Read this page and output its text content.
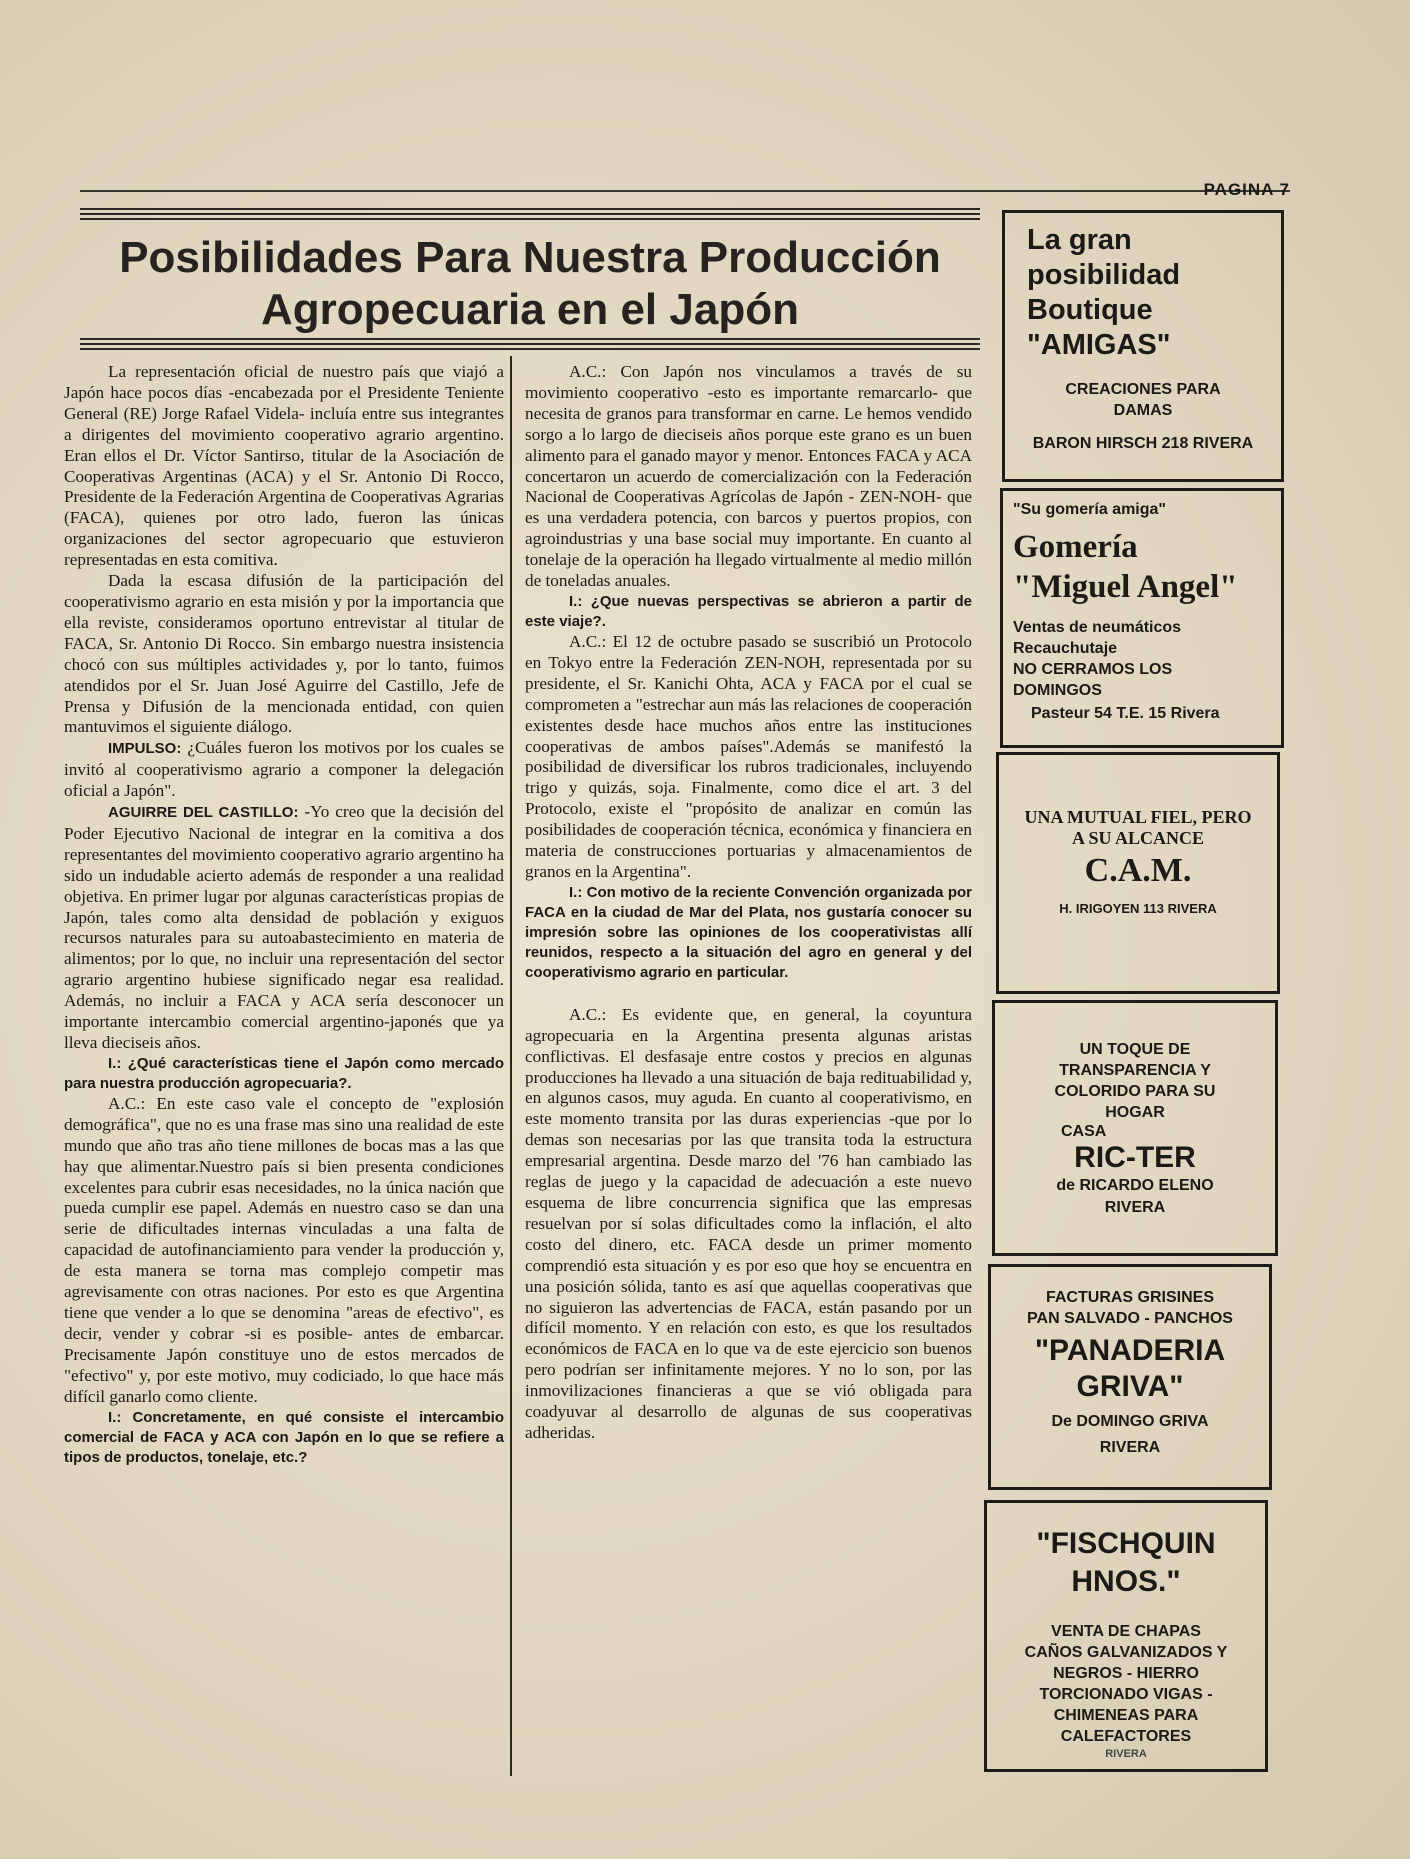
PAGINA 7
Posibilidades Para Nuestra Producción
Agropecuaria en el Japón

La representación oficial de nuestro país que viajó a Japón hace pocos días -encabezada por el Presidente Teniente General (RE) Jorge Rafael Videla- incluía entre sus integrantes a dirigentes del movimiento cooperativo agrario argentino. Eran ellos el Dr. Víctor Santirso, titular de la Asociación de Cooperativas Argentinas (ACA) y el Sr. Antonio Di Rocco, Presidente de la Federación Argentina de Cooperativas Agrarias (FACA), quienes por otro lado, fueron las únicas organizaciones del sector agropecuario que estuvieron representadas en esta comitiva.

Dada la escasa difusión de la participación del cooperativismo agrario en esta misión y por la importancia que ella reviste, consideramos oportuno entrevistar al titular de FACA, Sr. Antonio Di Rocco. Sin embargo nuestra insistencia chocó con sus múltiples actividades y, por lo tanto, fuimos atendidos por el Sr. Juan José Aguirre del Castillo, Jefe de Prensa y Difusión de la mencionada entidad, con quien mantuvimos el siguiente diálogo.

IMPULSO: ¿Cuáles fueron los motivos por los cuales se invitó al cooperativismo agrario a componer la delegación oficial a Japón".

AGUIRRE DEL CASTILLO: -Yo creo que la decisión del Poder Ejecutivo Nacional de integrar en la comitiva a dos representantes del movimiento cooperativo agrario argentino ha sido un indudable acierto además de responder a una realidad objetiva. En primer lugar por algunas características propias de Japón, tales como alta densidad de población y exiguos recursos naturales para su autoabastecimiento en materia de alimentos; por lo que, no incluir una representación del sector agrario argentino hubiese significado negar esa realidad. Además, no incluir a FACA y ACA sería desconocer un importante intercambio comercial argentino-japonés que ya lleva dieciseis años.

I.: ¿Qué características tiene el Japón como mercado para nuestra producción agropecuaria?.

A.C.: En este caso vale el concepto de "explosión demográfica", que no es una frase mas sino una realidad de este mundo que año tras año tiene millones de bocas mas a las que hay que alimentar.Nuestro país si bien presenta condiciones excelentes para cubrir esas necesidades, no la única nación que pueda cumplir ese papel. Además en nuestro caso se dan una serie de dificultades internas vinculadas a una falta de capacidad de autofinanciamiento para vender la producción y, de esta manera se torna mas complejo competir mas agrevisamente con otras naciones. Por esto es que Argentina tiene que vender a lo que se denomina "areas de efectivo", es decir, vender y cobrar -si es posible- antes de embarcar. Precisamente Japón constituye uno de estos mercados de "efectivo" y, por este motivo, muy codiciado, lo que hace más difícil ganarlo como cliente.

I.: Concretamente, en qué consiste el intercambio comercial de FACA y ACA con Japón en lo que se refiere a tipos de productos, tonelaje, etc.?

A.C.: Con Japón nos vinculamos a través de su movimiento cooperativo -esto es importante remarcarlo- que necesita de granos para transformar en carne. Le hemos vendido sorgo a lo largo de dieciseis años porque este grano es un buen alimento para el ganado mayor y menor. Entonces FACA y ACA concertaron un acuerdo de comercialización con la Federación Nacional de Cooperativas Agrícolas de Japón - ZEN-NOH- que es una verdadera potencia, con barcos y puertos propios, con agroindustrias y una base social muy importante. En cuanto al tonelaje de la operación ha llegado virtualmente al medio millón de toneladas anuales.

I.: ¿Que nuevas perspectivas se abrieron a partir de este viaje?.

A.C.: El 12 de octubre pasado se suscribió un Protocolo en Tokyo entre la Federación ZEN-NOH, representada por su presidente, el Sr. Kanichi Ohta, ACA y FACA por el cual se comprometen a "estrechar aun más las relaciones de cooperación existentes desde hace muchos años entre las instituciones cooperativas de ambos países".Además se manifestó la posibilidad de diversificar los rubros tradicionales, incluyendo trigo y quizás, soja. Finalmente, como dice el art. 3 del Protocolo, existe el "propósito de analizar en común las posibilidades de cooperación técnica, económica y financiera en materia de construcciones portuarias y almacenamientos de granos en la Argentina".

I.: Con motivo de la reciente Convención organizada por FACA en la ciudad de Mar del Plata, nos gustaría conocer su impresión sobre las opiniones de los cooperativistas allí reunidos, respecto a la situación del agro en general y del cooperativismo agrario en particular.

A.C.: Es evidente que, en general, la coyuntura agropecuaria en la Argentina presenta algunas aristas conflictivas. El desfasaje entre costos y precios en algunas producciones ha llevado a una situación de baja redituabilidad y, en algunos casos, muy aguda. En cuanto al cooperativismo, en este momento transita por las duras experiencias -que por lo demas son necesarias por las que transita toda la estructura empresarial argentina. Desde marzo del '76 han cambiado las reglas de juego y la capacidad de adecuación a este nuevo esquema de libre concurrencia significa que las empresas resuelvan por sí solas dificultades como la inflación, el alto costo del dinero, etc. FACA desde un primer momento comprendió esta situación y es por eso que hoy se encuentra en una posición sólida, tanto es así que aquellas cooperativas que no siguieron las advertencias de FACA, están pasando por un difícil momento. Y en relación con esto, es que los resultados económicos de FACA en lo que va de este ejercicio son buenos pero podrían ser infinitamente mejores. Y no lo son, por las inmovilizaciones financieras a que se vió obligada para coadyuvar al desarrollo de algunas de sus cooperativas adheridas.

La gran
posibilidad
Boutique
"AMIGAS"
CREACIONES PARA
DAMAS
BARON HIRSCH 218 RIVERA
"Su gomería amiga"
Gomería
"Miguel Angel"
Ventas de neumáticos
Recauchutaje
NO CERRAMOS LOS
DOMINGOS
Pasteur 54 T.E. 15 Rivera
UNA MUTUAL FIEL, PERO
A SU ALCANCE
C.A.M.
H. IRIGOYEN 113 RIVERA
UN TOQUE DE
TRANSPARENCIA Y
COLORIDO PARA SU
HOGAR
CASA
RIC-TER
de RICARDO ELENO
RIVERA
FACTURAS GRISINES
PAN SALVADO - PANCHOS
"PANADERIA
GRIVA"
De DOMINGO GRIVA
RIVERA
"FISCHQUIN
HNOS."
VENTA DE CHAPAS
CAÑOS GALVANIZADOS Y
NEGROS - HIERRO
TORCIONADO VIGAS -
CHIMENEAS PARA
CALEFACTORES
RIVERA
